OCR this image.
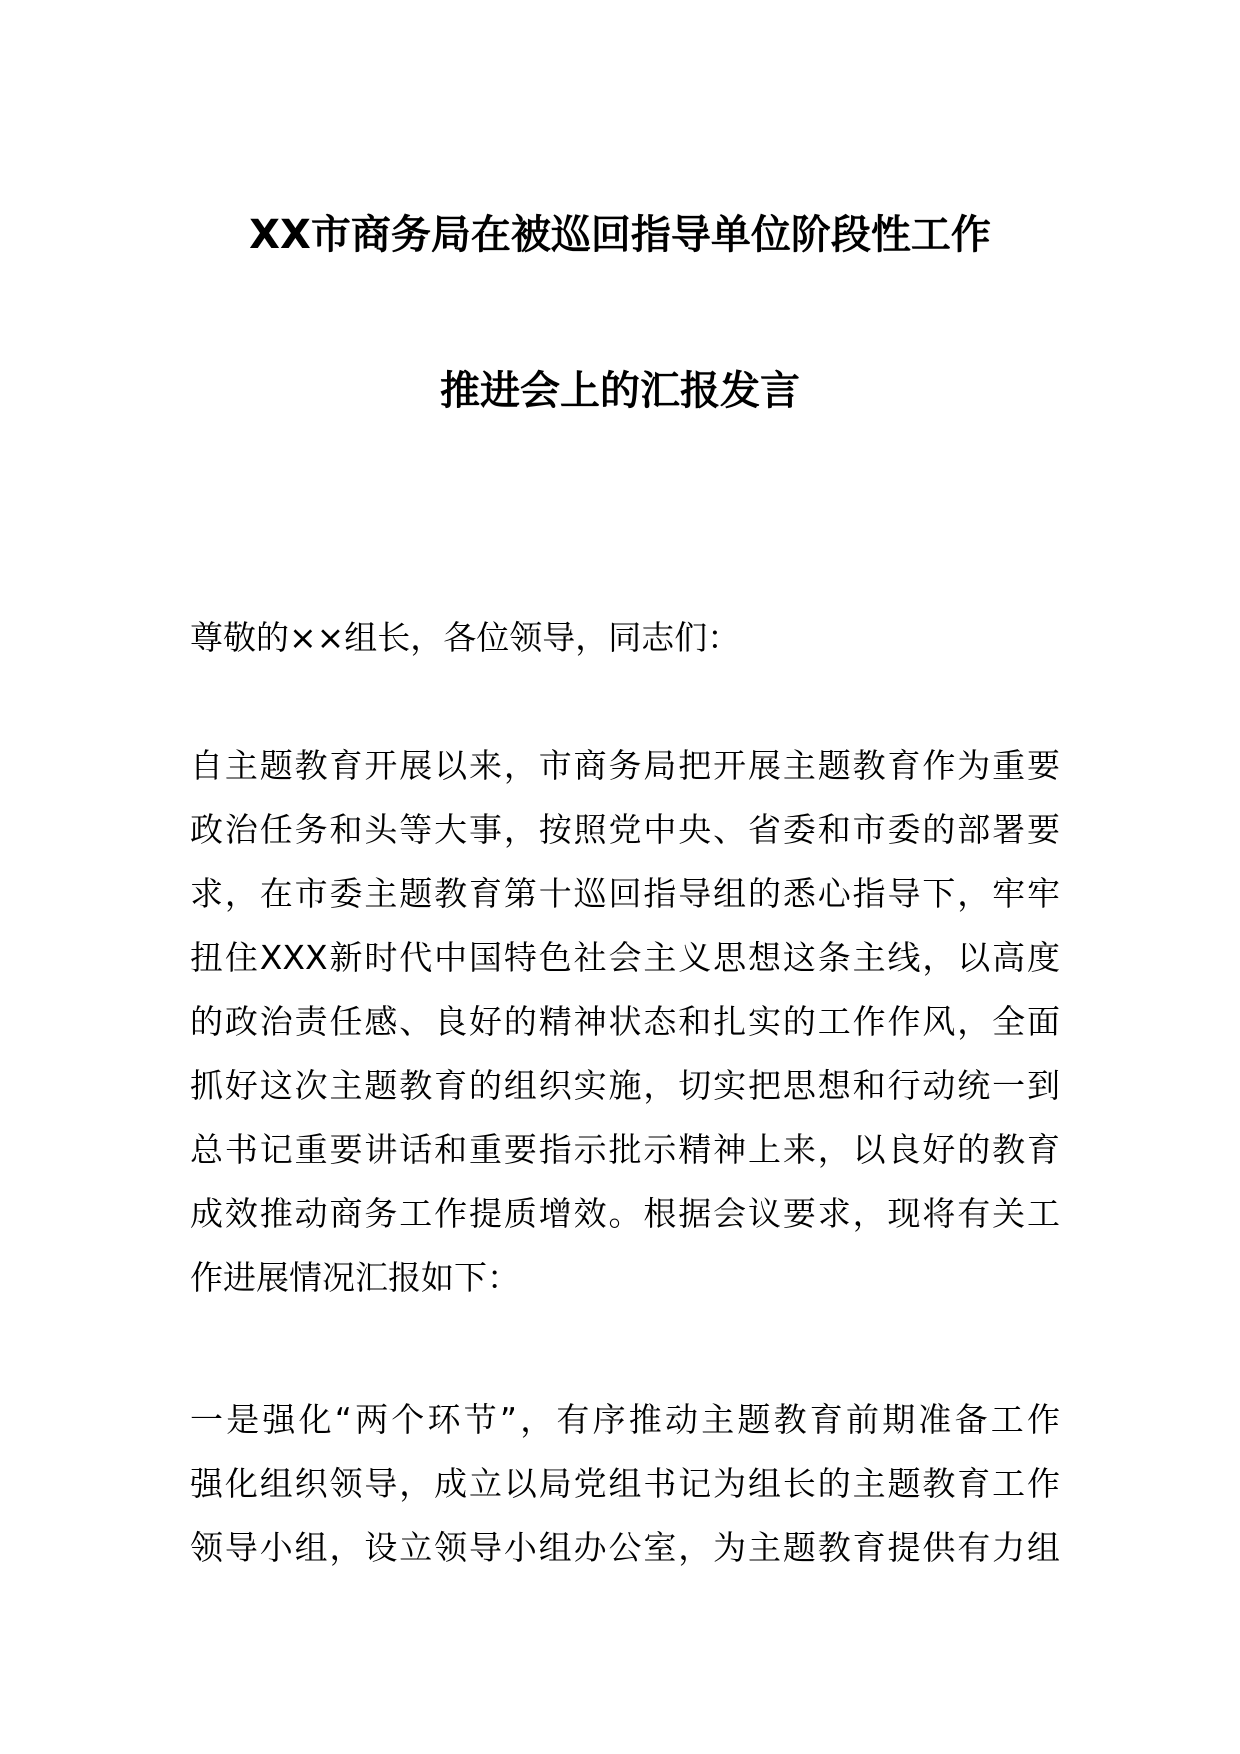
XX市商务局在被巡回指导单位阶段性工作
推进会上的汇报发言
尊敬的××组长，各位领导，同志们：
自主题教育开展以来，市商务局把开展主题教育作为重要
政治任务和头等大事，按照党中央、省委和市委的部署要
求，在市委主题教育第十巡回指导组的悉心指导下，牢牢
扭住XXX新时代中国特色社会主义思想这条主线，以高度
的政治责任感、良好的精神状态和扎实的工作作风，全面
抓好这次主题教育的组织实施，切实把思想和行动统一到
总书记重要讲话和重要指示批示精神上来，以良好的教育
成效推动商务工作提质增效。根据会议要求，现将有关工
作进展情况汇报如下：
一是强化“两个环节”，有序推动主题教育前期准备工作
强化组织领导，成立以局党组书记为组长的主题教育工作
领导小组，设立领导小组办公室，为主题教育提供有力组
